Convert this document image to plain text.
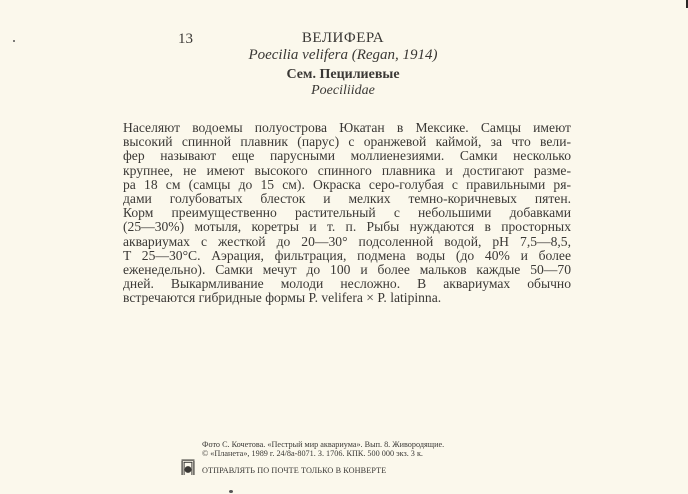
13	ВЕЛИФЕРА
Poecilia velifera (Regan, 1914)
Сем. Пецилиевые
Poeciliidae
Населяют водоемы полуострова Юкатан в Мексике. Самцы имеют
высокий спинной плавник (парус) с оранжевой каймой, за что вели-
фер называют еще парусными моллиенезиями. Самки несколько
крупнее, не имеют высокого спинного плавника и достигают разме-
ра 18 см (самцы до 15 см). Окраска серо-голубая с правильными ря-
дами голубоватых блесток и мелких темно-коричневых пятен.
Корм преимущественно растительный с небольшими добавками
(25—30%) мотыля, коретры и т. п. Рыбы нуждаются в просторных
аквариумах с жесткой до 20—30° подсоленной водой, pH 7,5—8,5,
T 25—30°C. Аэрация, фильтрация, подмена воды (до 40% и более
еженедельно). Самки мечут до 100 и более мальков каждые 50—70
дней. Выкармливание молоди несложно. В аквариумах обычно
встречаются гибридные формы P. velifera × P. latipinna.
Фото С. Кочетова. «Пестрый мир аквариума». Вып. 8. Живородящие.
© «Планета», 1989 г. 24/8а-8071. З. 1706. КПК. 500 000 экз. 3 к.
ОТПРАВЛЯТЬ ПО ПОЧТЕ ТОЛЬКО В КОНВЕРТЕ
